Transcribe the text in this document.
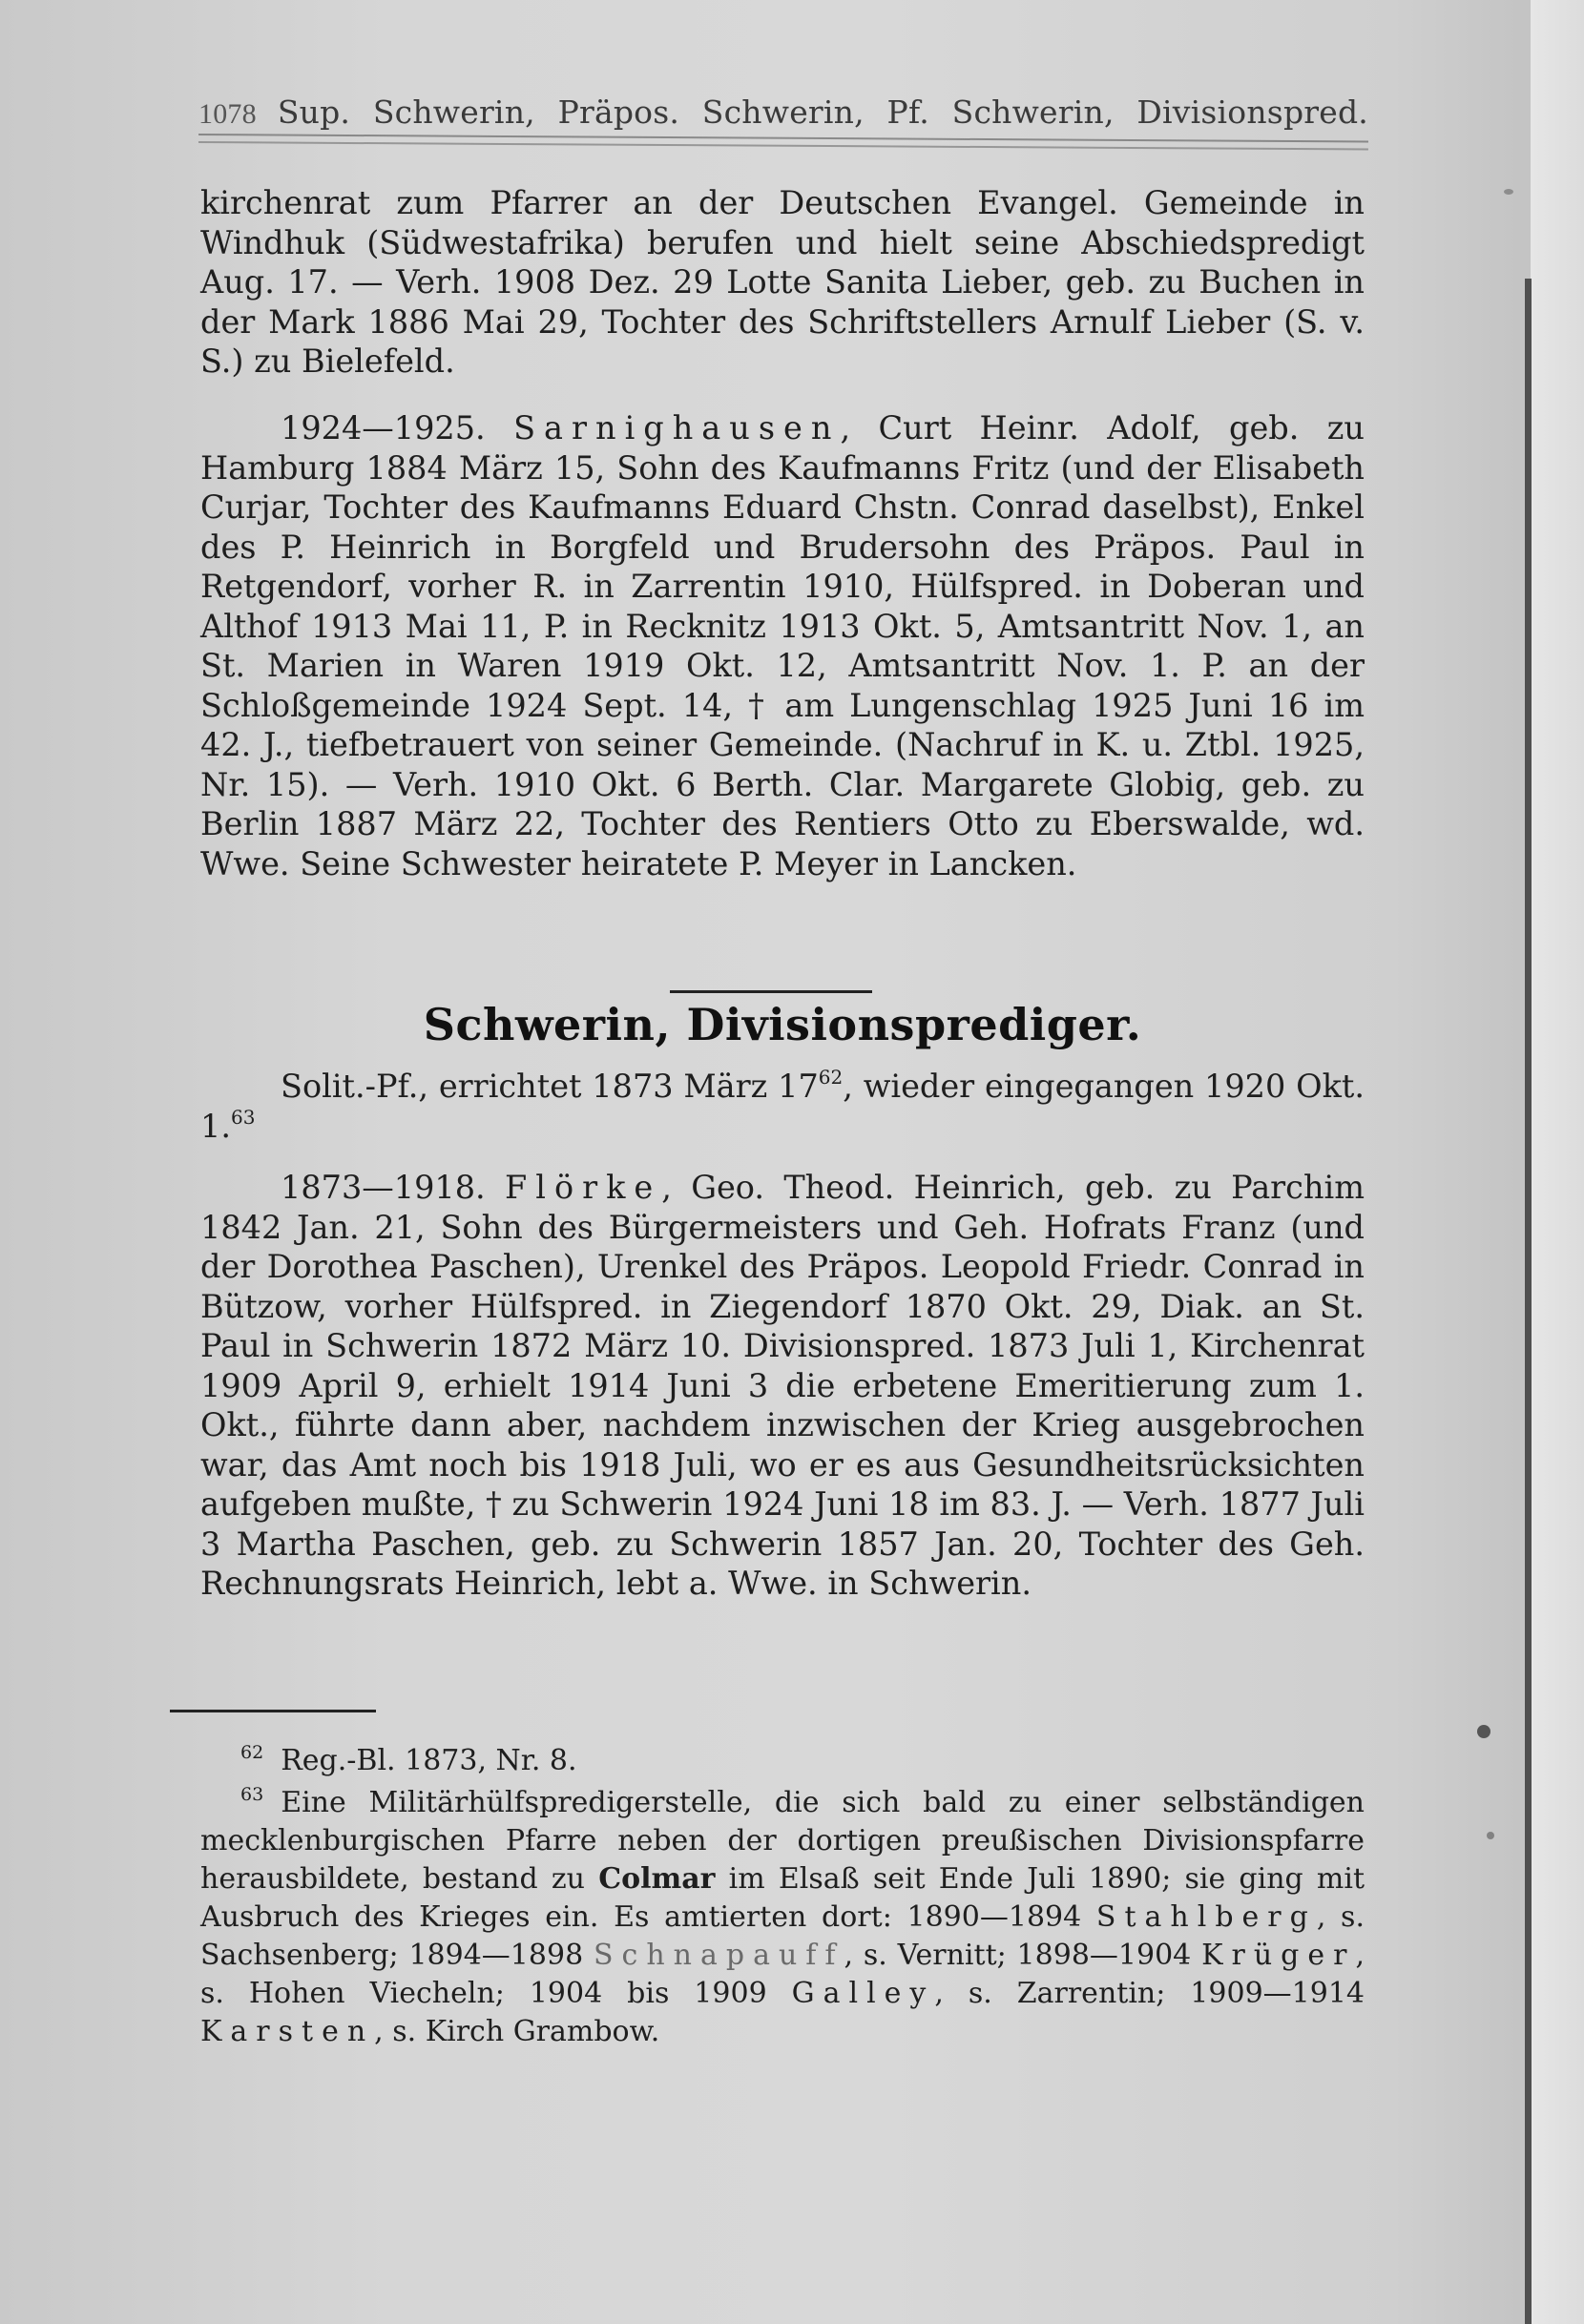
1078 Sup. Schwerin, Präpos. Schwerin, Pf. Schwerin, Divisionspred.

kirchenrat zum Pfarrer an der Deutschen Evangel. Gemeinde in Windhuk (Südwestafrika) berufen und hielt seine Abschiedspredigt Aug. 17. — Verh. 1908 Dez. 29 Lotte Sanita Lieber, geb. zu Buchen in der Mark 1886 Mai 29, Tochter des Schriftstellers Arnulf Lieber (S. v. S.) zu Bielefeld.

1924—1925. Sarnighausen, Curt Heinr. Adolf, geb. zu Hamburg 1884 März 15, Sohn des Kaufmanns Fritz (und der Elisabeth Curjar, Tochter des Kaufmanns Eduard Chstn. Conrad daselbst), Enkel des P. Heinrich in Borgfeld und Brudersohn des Präpos. Paul in Retgendorf, vorher R. in Zarrentin 1910, Hülfspred. in Doberan und Althof 1913 Mai 11, P. in Recknitz 1913 Okt. 5, Amtsantritt Nov. 1, an St. Marien in Waren 1919 Okt. 12, Amtsantritt Nov. 1. P. an der Schloßgemeinde 1924 Sept. 14, † am Lungenschlag 1925 Juni 16 im 42. J., tiefbetrauert von seiner Gemeinde. (Nachruf in K. u. Ztbl. 1925, Nr. 15). — Verh. 1910 Okt. 6 Berth. Clar. Margarete Globig, geb. zu Berlin 1887 März 22, Tochter des Rentiers Otto zu Eberswalde, wd. Wwe. Seine Schwester heiratete P. Meyer in Lancken.

Schwerin, Divisionsprediger.

Solit.-Pf., errichtet 1873 März $17^{62}$, wieder eingegangen 1920 Okt. 1.63

1873—1918. Flörke, Geo. Theod. Heinrich, geb. zu Parchim 1842 Jan. 21, Sohn des Bürgermeisters und Geh. Hofrats Franz (und der Dorothea Paschen), Urenkel des Präpos. Leopold Friedr. Conrad in Bützow, vorher Hülfspred. in Ziegendorf 1870 Okt. 29, Diak. an St. Paul in Schwerin 1872 März 10. Divisionspred. 1873 Juli 1, Kirchenrat 1909 April 9, erhielt 1914 Juni 3 die erbetene Emeritierung zum 1. Okt., führte dann aber, nachdem inzwischen der Krieg ausgebrochen war, das Amt noch bis 1918 Juli, wo er es aus Gesundheitsrücksichten aufgeben mußte, † zu Schwerin 1924 Juni 18 im 83. J. — Verh. 1877 Juli 3 Martha Paschen, geb. zu Schwerin 1857 Jan. 20, Tochter des Geh. Rechnungsrats Heinrich, lebt a. Wwe. in Schwerin.

$^{62}$ Reg.-Bl. 1873, Nr. 8.

$^{63}$ Eine Militärhülfspredigerstelle, die sich bald zu einer selbständigen mecklenburgischen Pfarre neben der dortigen preußischen Divisionspfarre herausbildete, bestand zu Colmar im Elsaß seit Ende Juli 1890; sie ging mit Ausbruch des Krieges ein. Es amtierten dort: 1890—1894 Stahlberg, s. Sachsenberg; 1894—1898 Schnapauff, s. Vernitt; 1898—1904 Krüger, s. Hohen Viecheln; 1904 bis 1909 Galley, s. Zarrentin; 1909—1914 Karsten, s. Kirch Grambow.
